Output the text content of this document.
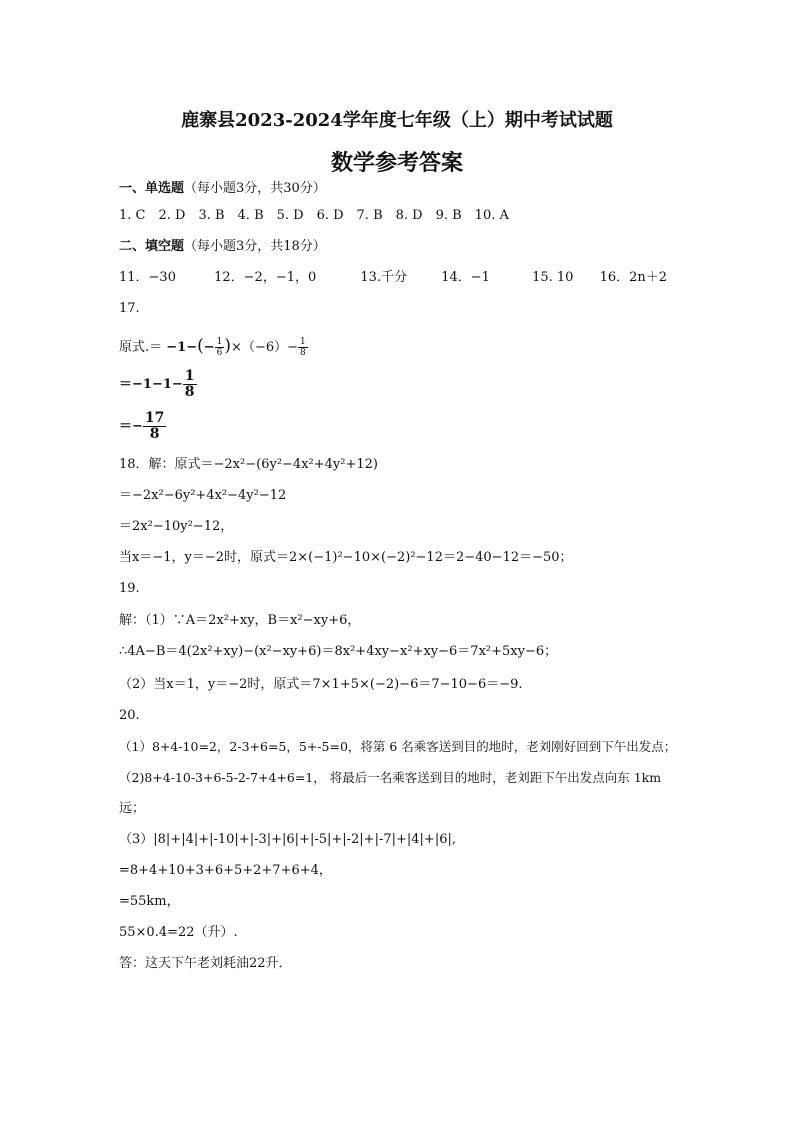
鹿寨县2023-2024学年度七年级（上）期中考试试题
数学参考答案
一、单选题（每小题3分，共30分）
1. C　2. D　3. B　4. B　5. D　6. D　7. B　8. D　9. B　10. A
二、填空题（每小题3分，共18分）
11．−30	12．−2，−1，0	13.千分	14．−1	15. 10 16．2n＋2
17.
原式.＝ $-1-(- \frac{1}{6} )\times(-6)- \frac{1}{8}$
$=-1-1- \frac{1}{8}$
＝− $\frac{17}{8}$
18．解：原式＝−2x²−(6y²−4x²+4y²+12)
＝−2x²−6y²+4x²−4y²−12
＝2x²−10y²−12，
当x＝−1，y＝−2时，原式＝2×(−1)²−10×(−2)²−12＝2−40−12＝−50；
19.
解：（1）∵A＝2x²+xy，B＝x²−xy+6，
∴4A−B＝4(2x²+xy)−(x²−xy+6)＝8x²+4xy−x²+xy−6＝7x²+5xy−6；
（2）当x＝1，y＝−2时，原式＝7×1+5×(−2)−6＝7−10−6＝−9.
20.
（1）8+4-10=2，2-3+6=5，5+-5=0，将第 6 名乘客送到目的地时，老刘刚好回到下午出发点；
（2)8+4-10-3+6-5-2-7+4+6=1， 将最后一名乘客送到目的地时，老刘距下午出发点向东 1km
远；
（3）|8|+|4|+|-10|+|-3|+|6|+|-5|+|-2|+|-7|+|4|+|6|,
=8+4+10+3+6+5+2+7+6+4，
=55km，
55×0.4=22（升）.
答：这天下午老刘耗油22升．
